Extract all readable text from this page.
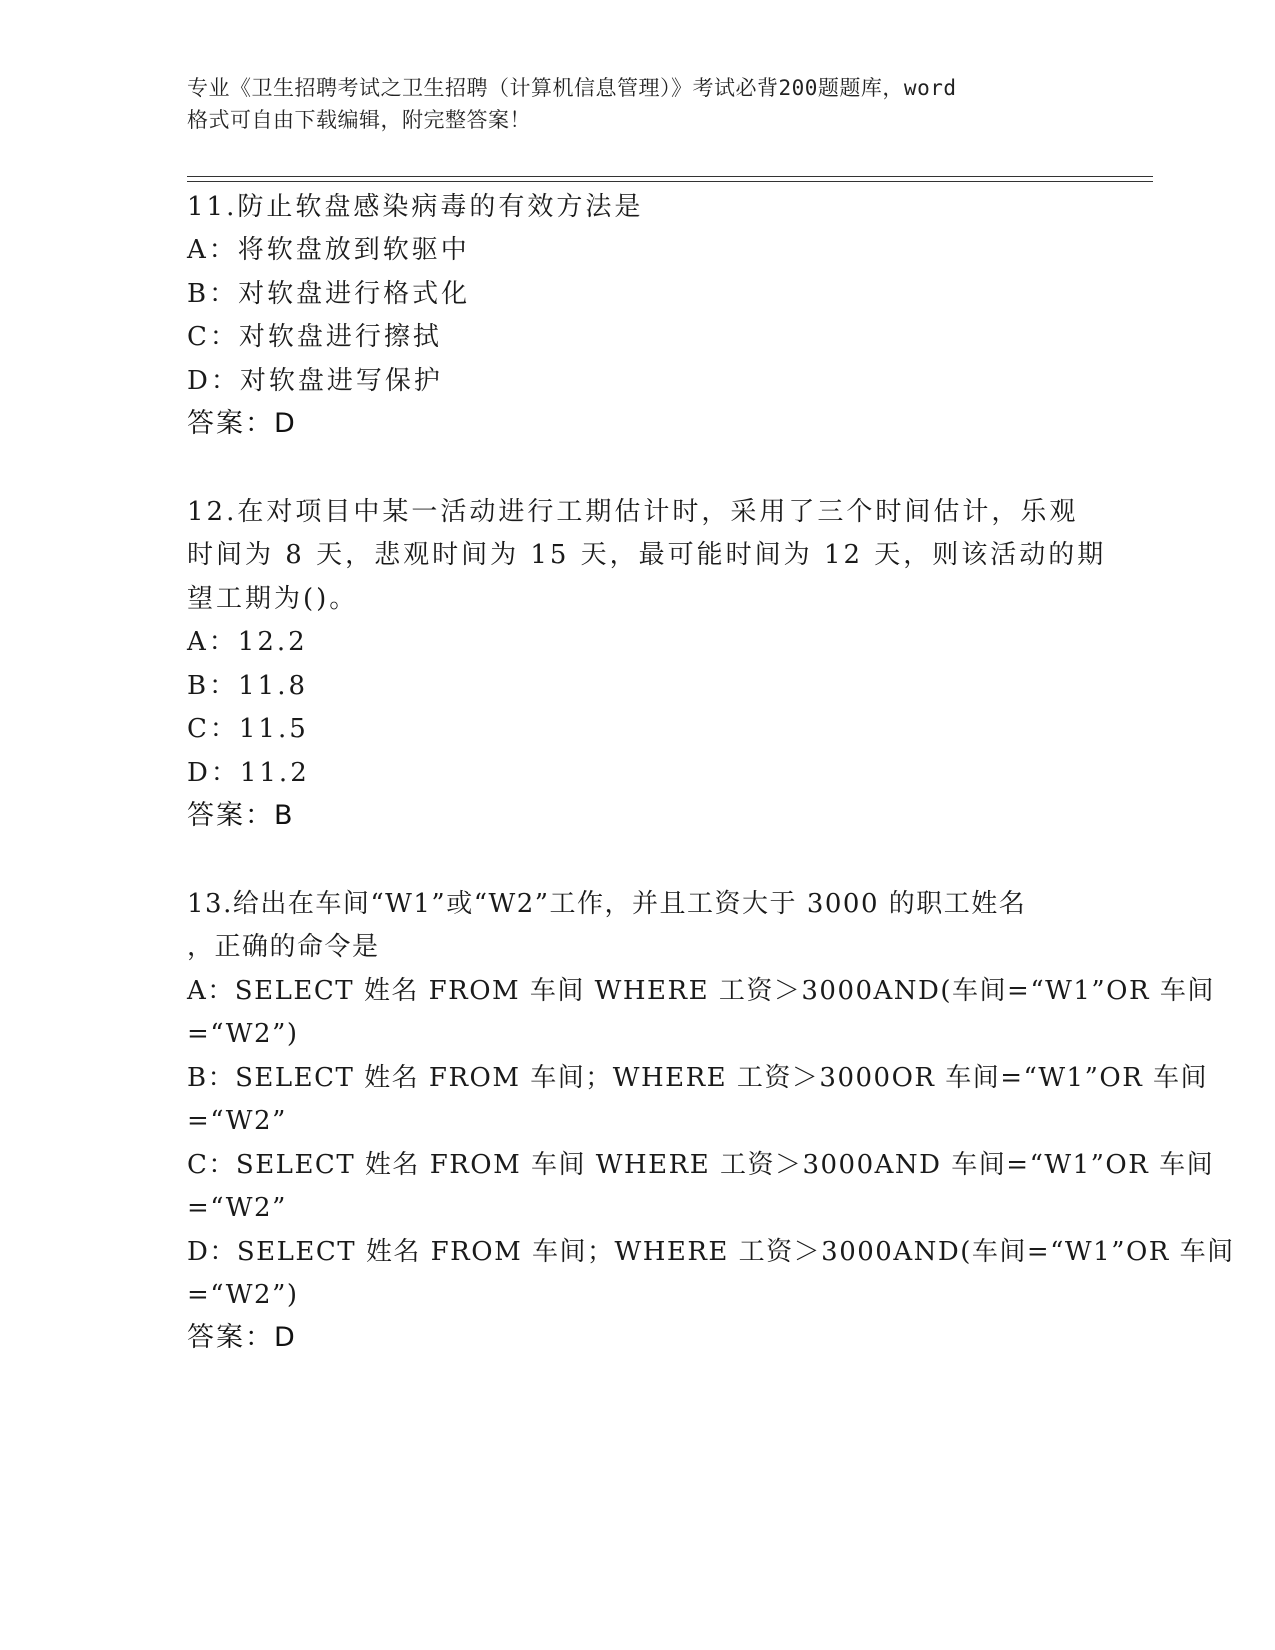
专业《卫生招聘考试之卫生招聘（计算机信息管理）》考试必背200题题库，word
格式可自由下载编辑，附完整答案！
11.防止软盘感染病毒的有效方法是
A：将软盘放到软驱中
B：对软盘进行格式化
C：对软盘进行擦拭
D：对软盘进写保护
答案：D
12.在对项目中某一活动进行工期估计时，采用了三个时间估计，乐观
时间为 8 天，悲观时间为 15 天，最可能时间为 12 天，则该活动的期
望工期为()。
A：12.2
B：11.8
C：11.5
D：11.2
答案：B
13.给出在车间“W1”或“W2”工作，并且工资大于 3000 的职工姓名
，正确的命令是
A：SELECT 姓名 FROM 车间 WHERE 工资＞3000AND(车间=“W1”OR 车间
=“W2”)
B：SELECT 姓名 FROM 车间；WHERE 工资＞3000OR 车间=“W1”OR 车间
=“W2”
C：SELECT 姓名 FROM 车间 WHERE 工资＞3000AND 车间=“W1”OR 车间
=“W2”
D：SELECT 姓名 FROM 车间；WHERE 工资＞3000AND(车间=“W1”OR 车间
=“W2”)
答案：D
